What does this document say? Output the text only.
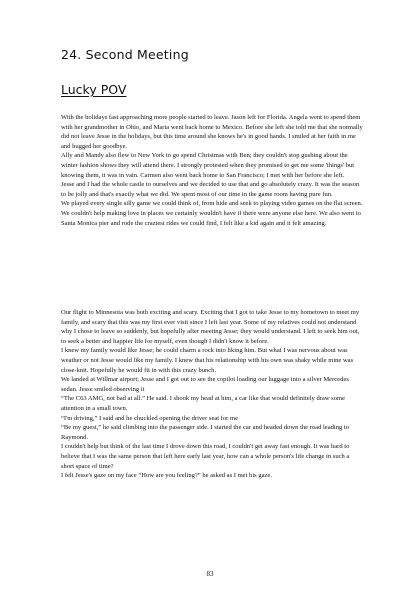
24. Second Meeting
Lucky POV

With the holidays fast approaching more people started to leave. Jason left for Florida. Angela went to spend them with her grandmother in Ohio, and Maria went back home to Mexico. Before she left she told me that she normally did not leave Jesse in the holidays, but this time around she knows he's in good hands. I smiled at her faith in me and hugged her goodbye.

Ally and Mandy also flew to New York to go spend Christmas with Ben; they couldn't stop gushing about the winter fashion shows they will attend there. I strongly protested when they promised to get me some 'things' but knowing them, it was in vain. Carmen also went back home to San Francisco; I met with her before she left.

Jesse and I had the whole castle to ourselves and we decided to use that and go absolutely crazy. It was the season to be jolly and that's exactly what we did. We spent most of our time in the game room having pure fun.

We played every single silly game we could think of, from hide and seek to playing video games on the flat screen.

We couldn't help making love in places we certainly wouldn't have if there were anyone else here. We also went to Santa Monica pier and rode the craziest rides we could find, I felt like a kid again and it felt amazing.

Our flight to Minnesota was both exciting and scary. Exciting that I got to take Jesse to my hometown to meet my family, and scary that this was my first ever visit since I left last year. Some of my relatives could not understand why I chose to leave so suddenly, but hopefully after meeting Jesse; they would understand. I left to seek him out, to seek a better and happier life for myself, even though I didn't know it before.

I knew my family would like Jesse; he could charm a rock into liking him. But what I was nervous about was weather or not Jesse would like my family. I knew that his relationship with his own was shaky while mine was close-knit. Hopefully he would fit in with this crazy bunch.

We landed at Willmar airport; Jesse and I got out to see the copilot loading our luggage into a silver Mercedes sedan. Jesse smiled observing it

“The C63 AMG, not bad at all.” He said. I shook my head at him, a car like that would definitely draw some attention in a small town.

“I'm driving,” I said and he chuckled opening the driver seat for me

“Be my guest,” he said climbing into the passenger side. I started the car and headed down the road leading to Raymond.

I couldn't help but think of the last time I drove down this road, I couldn't get away fast enough. It was hard to believe that I was the same person that left here early last year, how can a whole person's life change in such a short space of time?

I felt Jesse's gaze on my face “How are you feeling?” he asked as I met his gaze.

83
